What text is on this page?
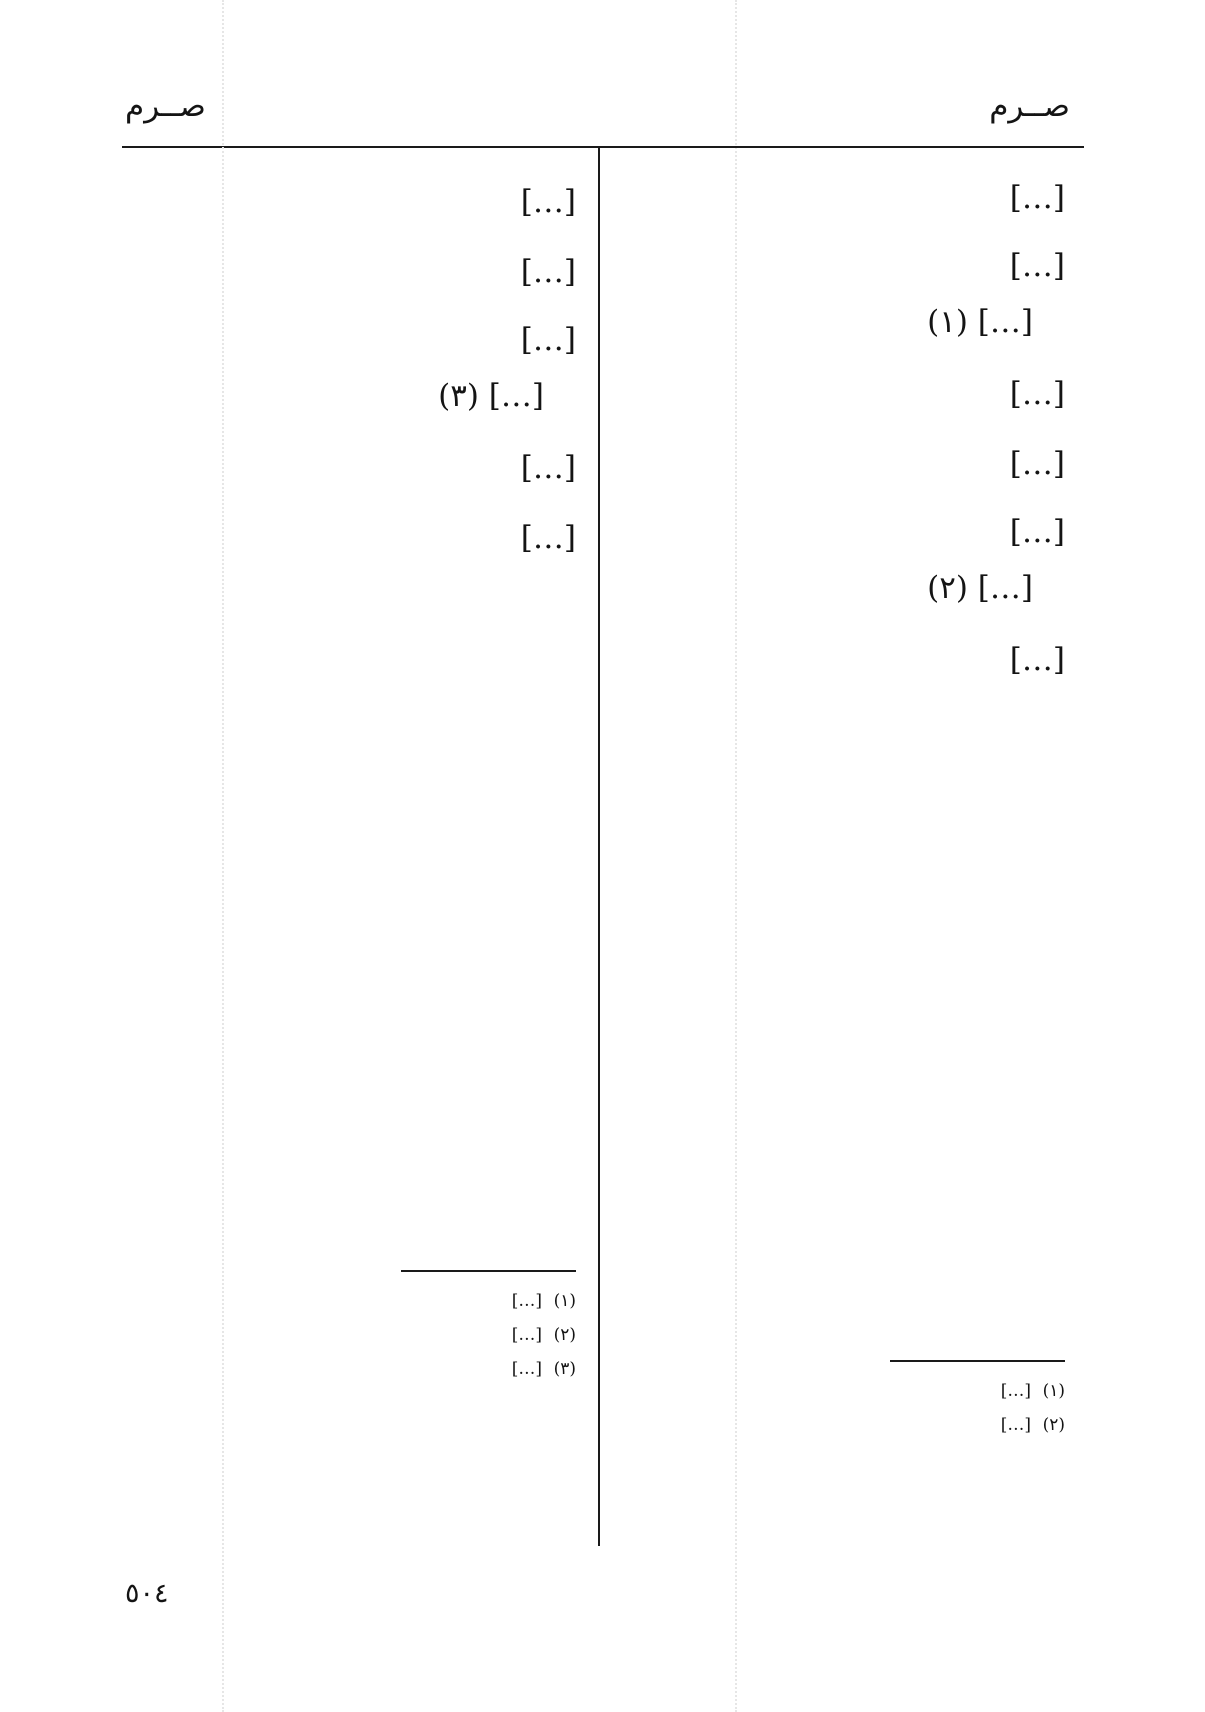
صــرم
صــرم

[…]

[…]
[…] (١)

[…]

[…]

[…]
[…] (٢)

[…]

[…]

[…]

[…]
[…] (٣)

[…]

[…]

(١)
[…]
(٢)
[…]
(١)
[…]
(٢)
[…]
(٣)
[…]
٥٠٤
